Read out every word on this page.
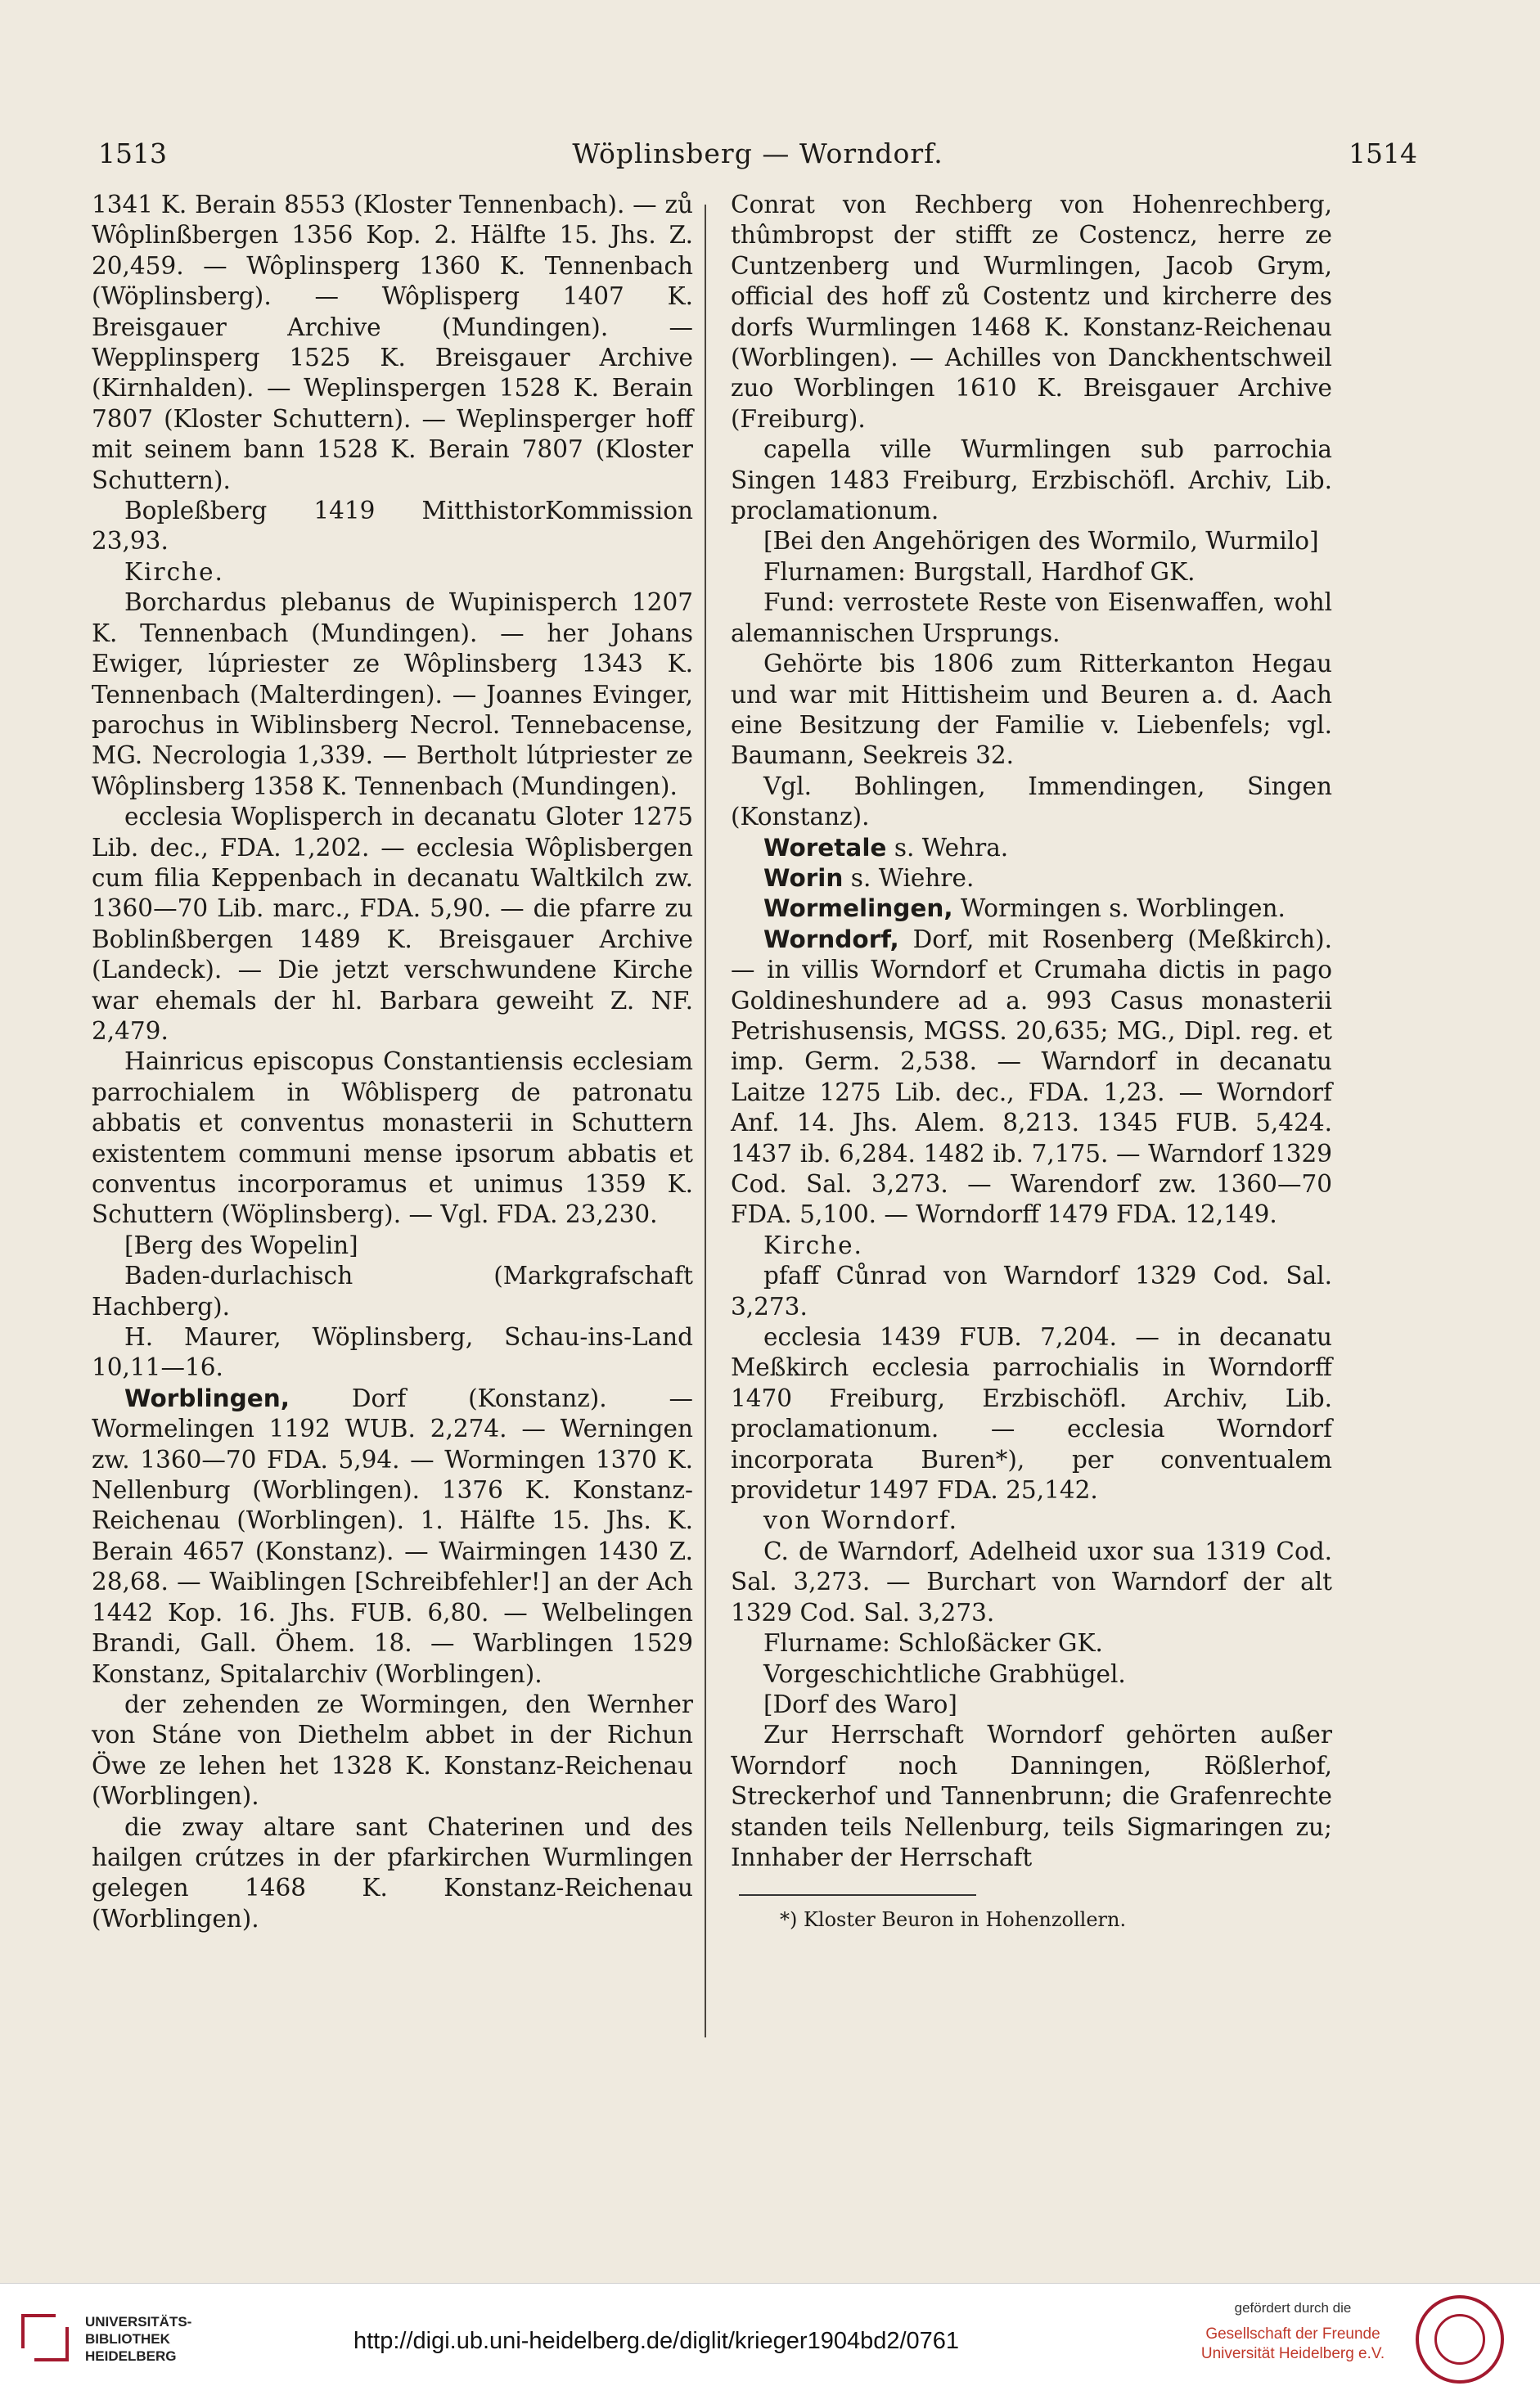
1513	Wöplinsberg — Worndorf.	1514

1341 K. Berain 8553 (Kloster Tennenbach). — zů Wôplinßbergen 1356 Kop. 2. Hälfte 15. Jhs. Z. 20,459. — Wôplinsperg 1360 K. Tennenbach (Wöplinsberg). — Wôplisperg 1407 K. Breisgauer Archive (Mundingen). — Wepplinsperg 1525 K. Breisgauer Archive (Kirnhalden). — Weplinspergen 1528 K. Berain 7807 (Kloster Schuttern). — Weplinsperger hoff mit seinem bann 1528 K. Berain 7807 (Kloster Schuttern).

Boplеßberg 1419 MitthistorKommission 23,93.

Kirche.

Borchardus plebanus de Wupinisperch 1207 K. Tennenbach (Mundingen). — her Johans Ewiger, lúpriester ze Wôplinsberg 1343 K. Tennenbach (Malterdingen). — Joannes Evinger, parochus in Wiblinsberg Necrol. Tennebacense, MG. Necrologia 1,339. — Bertholt lútpriester ze Wôplinsberg 1358 K. Tennenbach (Mundingen).

ecclesia Woplisperch in decanatu Gloter 1275 Lib. dec., FDA. 1,202. — ecclesia Wôplisbergen cum filia Keppenbach in decanatu Waltkilch zw. 1360—70 Lib. marc., FDA. 5,90. — die pfarre zu Boblinßbergen 1489 K. Breisgauer Archive (Landeck). — Die jetzt verschwundene Kirche war ehemals der hl. Barbara geweiht Z. NF. 2,479.

Hainricus episcopus Constantiensis ecclesiam parrochialem in Wôblisperg de patronatu abbatis et conventus monasterii in Schuttern existentem communi mense ipsorum abbatis et conventus incorporamus et unimus 1359 K. Schuttern (Wöplinsberg). — Vgl. FDA. 23,230.

[Berg des Wopelin]

Baden-durlachisch (Markgrafschaft Hachberg).

H. Maurer, Wöplinsberg, Schau-ins-Land 10,11—16.

Worblingen, Dorf (Konstanz). — Wormelingen 1192 WUB. 2,274. — Werningen zw. 1360—70 FDA. 5,94. — Wormingen 1370 K. Nellenburg (Worblingen). 1376 K. Konstanz-Reichenau (Worblingen). 1. Hälfte 15. Jhs. K. Berain 4657 (Konstanz). — Wairmingen 1430 Z. 28,68. — Waiblingen [Schreibfehler!] an der Ach 1442 Kop. 16. Jhs. FUB. 6,80. — Welbelingen Brandi, Gall. Öhem. 18. — Warblingen 1529 Konstanz, Spitalarchiv (Worblingen).

der zehenden ze Wormingen, den Wernher von Stáne von Diethelm abbet in der Richun Öwe ze lehen het 1328 K. Konstanz-Reichenau (Worblingen).

die zway altare sant Chaterinen und des hailgen crútzes in der pfarkirchen Wurmlingen gelegen 1468 K. Konstanz-Reichenau (Worblingen).

Conrat von Rechberg von Hohenrechberg, thûmbropst der stifft ze Costencz, herre ze Cuntzenberg und Wurmlingen, Jacob Grym, official des hoff zů Costentz und kircherre des dorfs Wurmlingen 1468 K. Konstanz-Reichenau (Worblingen). — Achilles von Danckhentschweil zuo Worblingen 1610 K. Breisgauer Archive (Freiburg).

capella ville Wurmlingen sub parrochia Singen 1483 Freiburg, Erzbischöfl. Archiv, Lib. proclamationum.

[Bei den Angehörigen des Wormilo, Wurmilo]

Flurnamen: Burgstall, Hardhof GK.

Fund: verrostete Reste von Eisenwaffen, wohl alemannischen Ursprungs.

Gehörte bis 1806 zum Ritterkanton Hegau und war mit Hittisheim und Beuren a. d. Aach eine Besitzung der Familie v. Liebenfels; vgl. Baumann, Seekreis 32.

Vgl. Bohlingen, Immendingen, Singen (Konstanz).

Woretale s. Wehra.

Worin s. Wiehre.

Wormelingen, Wormingen s. Worblingen.

Worndorf, Dorf, mit Rosenberg (Meßkirch). — in villis Worndorf et Crumaha dictis in pago Goldineshundere ad a. 993 Casus monasterii Petrishusensis, MGSS. 20,635; MG., Dipl. reg. et imp. Germ. 2,538. — Warndorf in decanatu Laitze 1275 Lib. dec., FDA. 1,23. — Worndorf Anf. 14. Jhs. Alem. 8,213. 1345 FUB. 5,424. 1437 ib. 6,284. 1482 ib. 7,175. — Warndorf 1329 Cod. Sal. 3,273. — Warendorf zw. 1360—70 FDA. 5,100. — Worndorff 1479 FDA. 12,149.

Kirche.

pfaff Cůnrad von Warndorf 1329 Cod. Sal. 3,273.

ecclesia 1439 FUB. 7,204. — in decanatu Meßkirch ecclesia parrochialis in Worndorff 1470 Freiburg, Erzbischöfl. Archiv, Lib. proclamationum. — ecclesia Worndorf incorporata Buren*), per conventualem providetur 1497 FDA. 25,142.

von Worndorf.

C. de Warndorf, Adelheid uxor sua 1319 Cod. Sal. 3,273. — Burchart von Warndorf der alt 1329 Cod. Sal. 3,273.

Flurname: Schloßäcker GK.

Vorgeschichtliche Grabhügel.

[Dorf des Waro]

Zur Herrschaft Worndorf gehörten außer Worndorf noch Danningen, Rößlerhof, Streckerhof und Tannenbrunn; die Grafenrechte standen teils Nellenburg, teils Sigmaringen zu; Innhaber der Herrschaft

*) Kloster Beuron in Hohenzollern.
UNIVERSITÄTS-
BIBLIOTHEK
HEIDELBERG
http://digi.ub.uni-heidelberg.de/diglit/krieger1904bd2/0761
gefördert durch die
Gesellschaft der Freunde
Universität Heidelberg e.V.
